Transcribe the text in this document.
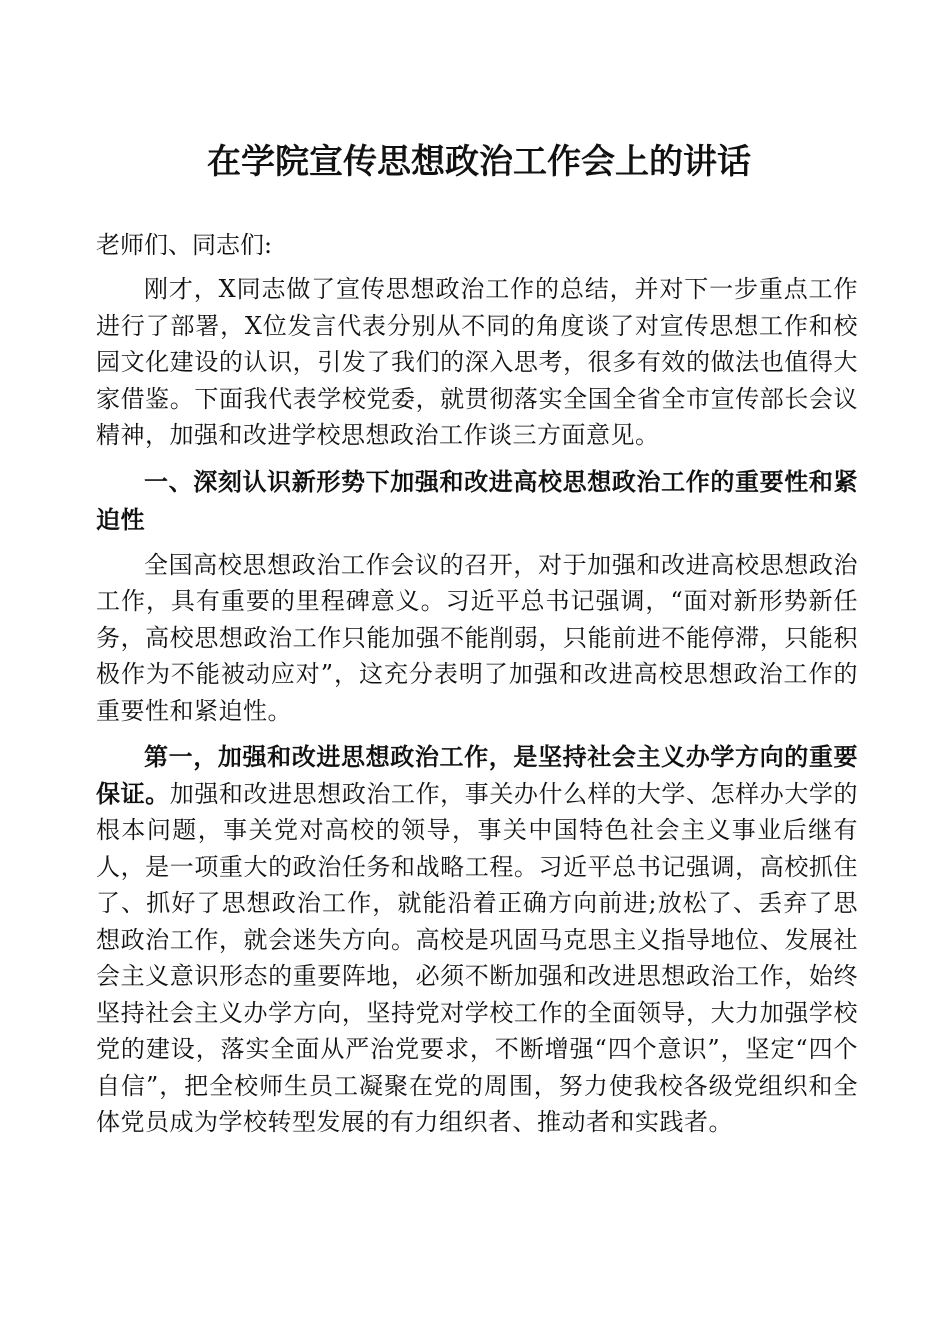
在学院宣传思想政治工作会上的讲话

老师们、同志们:

刚才，X同志做了宣传思想政治工作的总结，并对下一步重点工作进行了部署，X位发言代表分别从不同的角度谈了对宣传思想工作和校园文化建设的认识，引发了我们的深入思考，很多有效的做法也值得大家借鉴。下面我代表学校党委，就贯彻落实全国全省全市宣传部长会议精神，加强和改进学校思想政治工作谈三方面意见。

一、深刻认识新形势下加强和改进高校思想政治工作的重要性和紧迫性

全国高校思想政治工作会议的召开，对于加强和改进高校思想政治工作，具有重要的里程碑意义。习近平总书记强调，“面对新形势新任务，高校思想政治工作只能加强不能削弱，只能前进不能停滞，只能积极作为不能被动应对”，这充分表明了加强和改进高校思想政治工作的重要性和紧迫性。

第一，加强和改进思想政治工作，是坚持社会主义办学方向的重要保证。加强和改进思想政治工作，事关办什么样的大学、怎样办大学的根本问题，事关党对高校的领导，事关中国特色社会主义事业后继有人，是一项重大的政治任务和战略工程。习近平总书记强调，高校抓住了、抓好了思想政治工作，就能沿着正确方向前进;放松了、丢弃了思想政治工作，就会迷失方向。高校是巩固马克思主义指导地位、发展社会主义意识形态的重要阵地，必须不断加强和改进思想政治工作，始终坚持社会主义办学方向，坚持党对学校工作的全面领导，大力加强学校党的建设，落实全面从严治党要求，不断增强“四个意识”，坚定“四个自信”，把全校师生员工凝聚在党的周围，努力使我校各级党组织和全体党员成为学校转型发展的有力组织者、推动者和实践者。
